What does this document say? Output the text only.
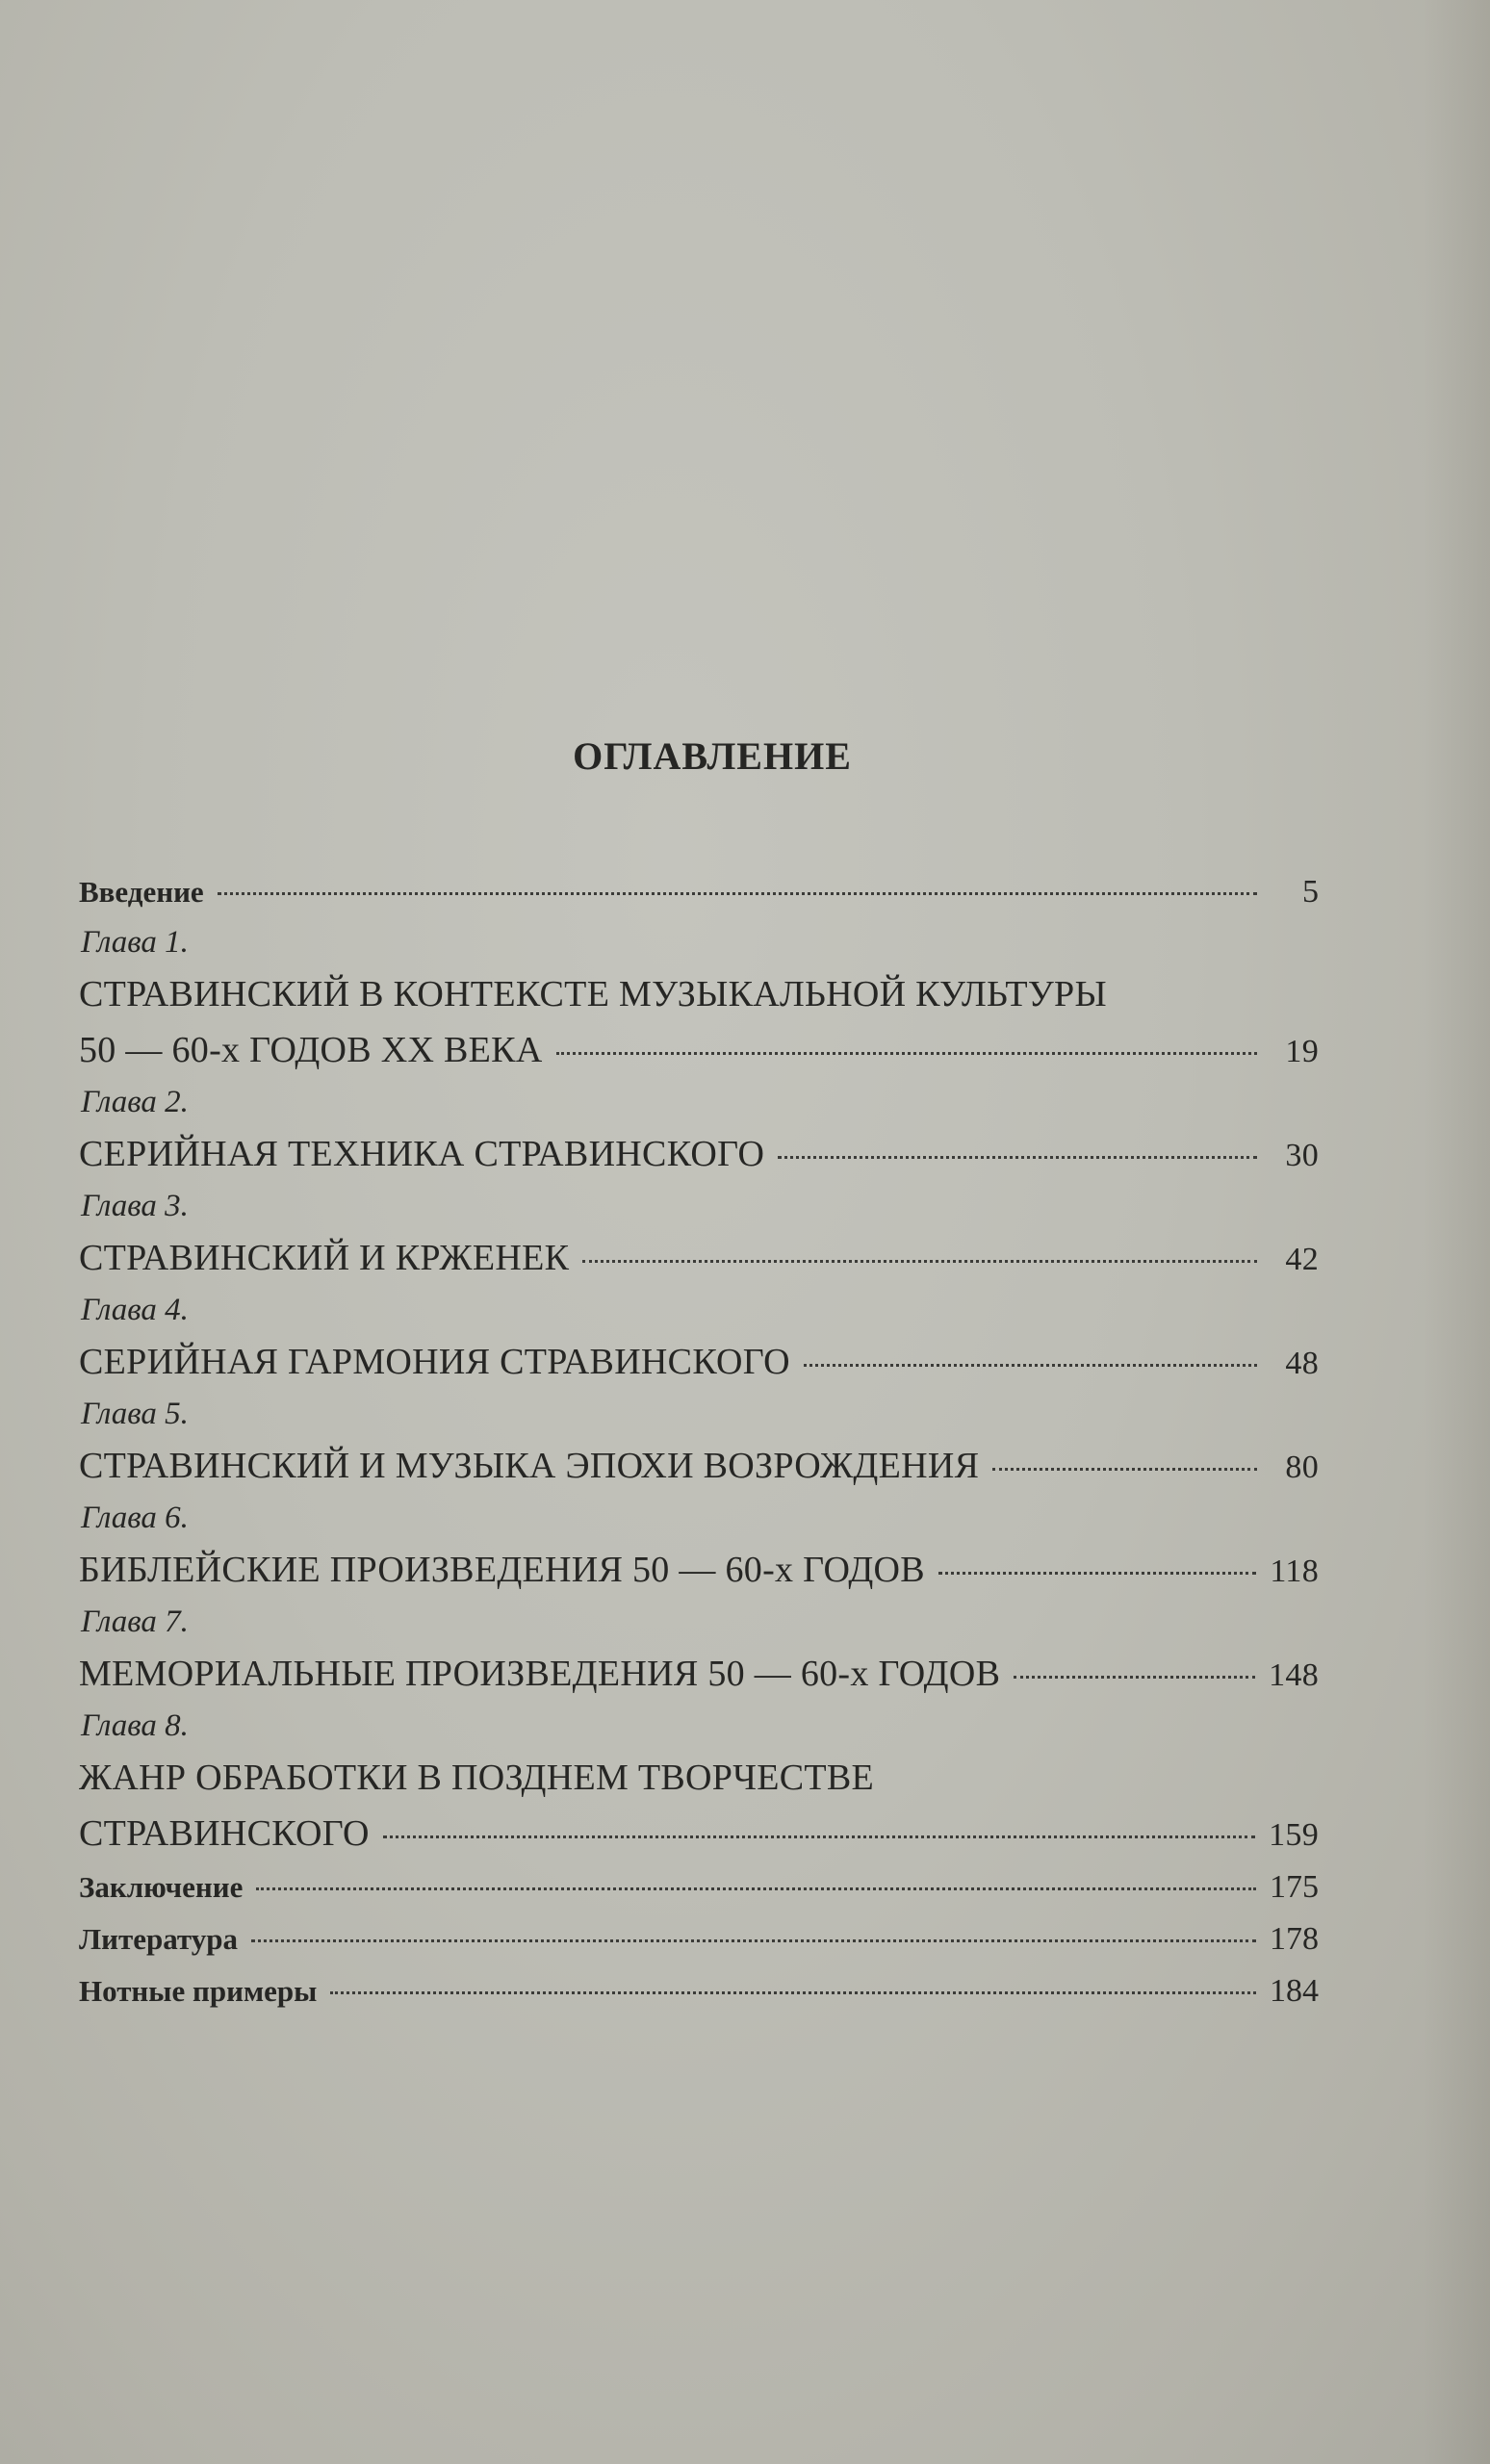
ОГЛАВЛЕНИЕ
Введение	5
Глава 1.
СТРАВИНСКИЙ В КОНТЕКСТЕ МУЗЫКАЛЬНОЙ КУЛЬТУРЫ
50 — 60-х ГОДОВ ХХ ВЕКА	19
Глава 2.
СЕРИЙНАЯ ТЕХНИКА СТРАВИНСКОГО	30
Глава 3.
СТРАВИНСКИЙ И КРЖЕНЕК	42
Глава 4.
СЕРИЙНАЯ ГАРМОНИЯ СТРАВИНСКОГО	48
Глава 5.
СТРАВИНСКИЙ И МУЗЫКА ЭПОХИ ВОЗРОЖДЕНИЯ	80
Глава 6.
БИБЛЕЙСКИЕ ПРОИЗВЕДЕНИЯ 50 — 60-х ГОДОВ	118
Глава 7.
МЕМОРИАЛЬНЫЕ ПРОИЗВЕДЕНИЯ 50 — 60-х ГОДОВ	148
Глава 8.
ЖАНР ОБРАБОТКИ В ПОЗДНЕМ ТВОРЧЕСТВЕ
СТРАВИНСКОГО	159
Заключение	175
Литература	178
Нотные примеры	184
